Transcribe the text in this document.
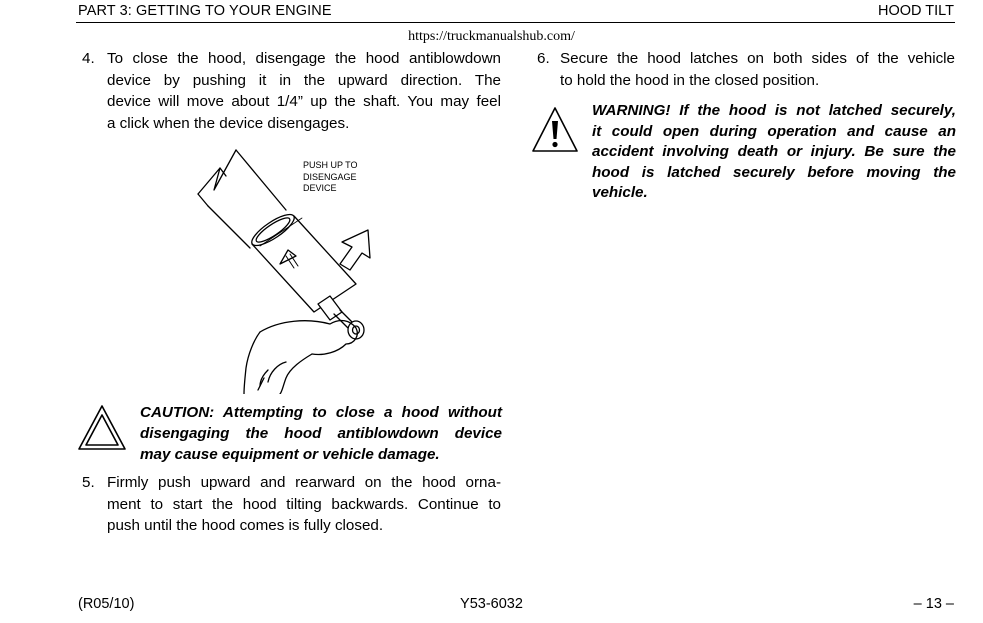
PART 3: GETTING TO YOUR ENGINE	HOOD TILT
https://truckmanualshub.com/
4. To close the hood, disengage the hood antiblowdown
device by pushing it in the upward direction. The
device will move about 1/4” up the shaft. You may feel
a click when the device disengages.
PUSH UP TO
DISENGAGE
DEVICE
CAUTION: Attempting to close a hood without
disengaging the hood antiblowdown device
may cause equipment or vehicle damage.
5. Firmly push upward and rearward on the hood orna-
ment to start the hood tilting backwards. Continue to
push until the hood comes is fully closed.
6. Secure the hood latches on both sides of the vehicle
to hold the hood in the closed position.
WARNING! If the hood is not latched securely,
it could open during operation and cause an
accident involving death or injury. Be sure the
hood is latched securely before moving the
vehicle.
(R05/10)	Y53-6032	– 13 –
